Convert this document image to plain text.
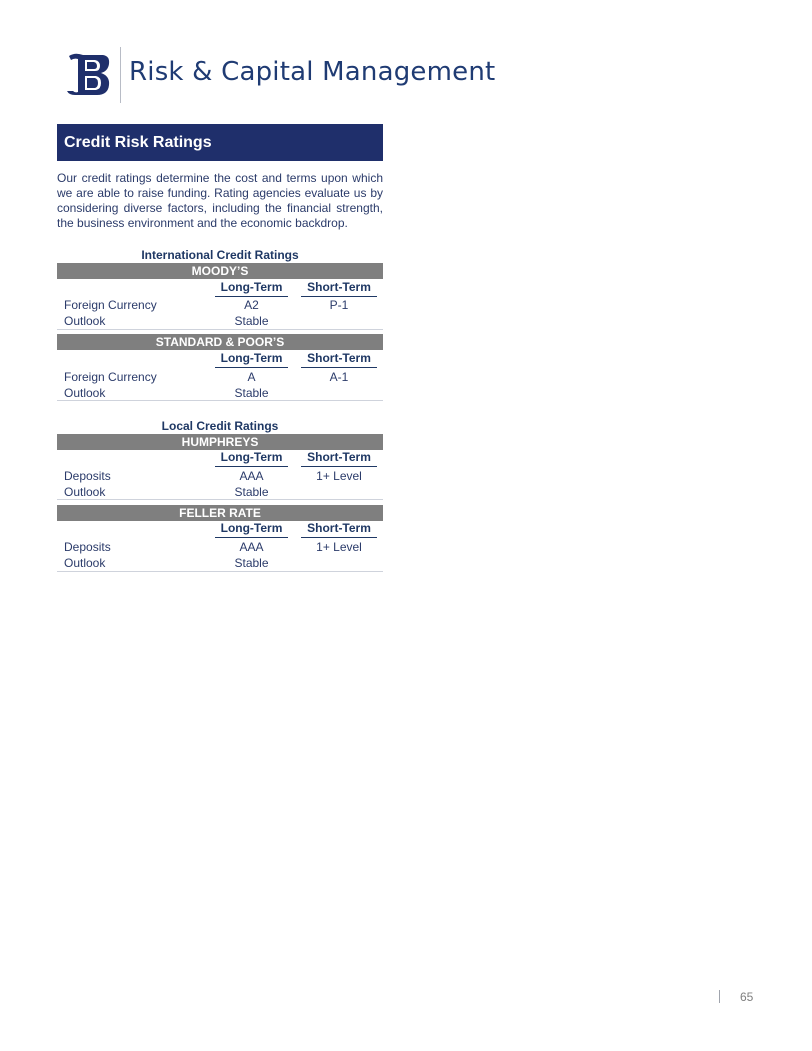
Risk & Capital Management
Credit Risk Ratings
Our credit ratings determine the cost and terms upon which we are able to raise funding. Rating agencies evaluate us by considering diverse factors, including the financial strength, the business environment and the economic backdrop.
International Credit Ratings
MOODY’S
Long-Term	Short-Term
Foreign Currency	A2	P-1
Outlook	Stable
STANDARD & POOR’S
Long-Term	Short-Term
Foreign Currency	A	A-1
Outlook	Stable
Local Credit Ratings
HUMPHREYS
Long-Term	Short-Term
Deposits	AAA	1+ Level
Outlook	Stable
FELLER RATE
Long-Term	Short-Term
Deposits	AAA	1+ Level
Outlook	Stable
65
